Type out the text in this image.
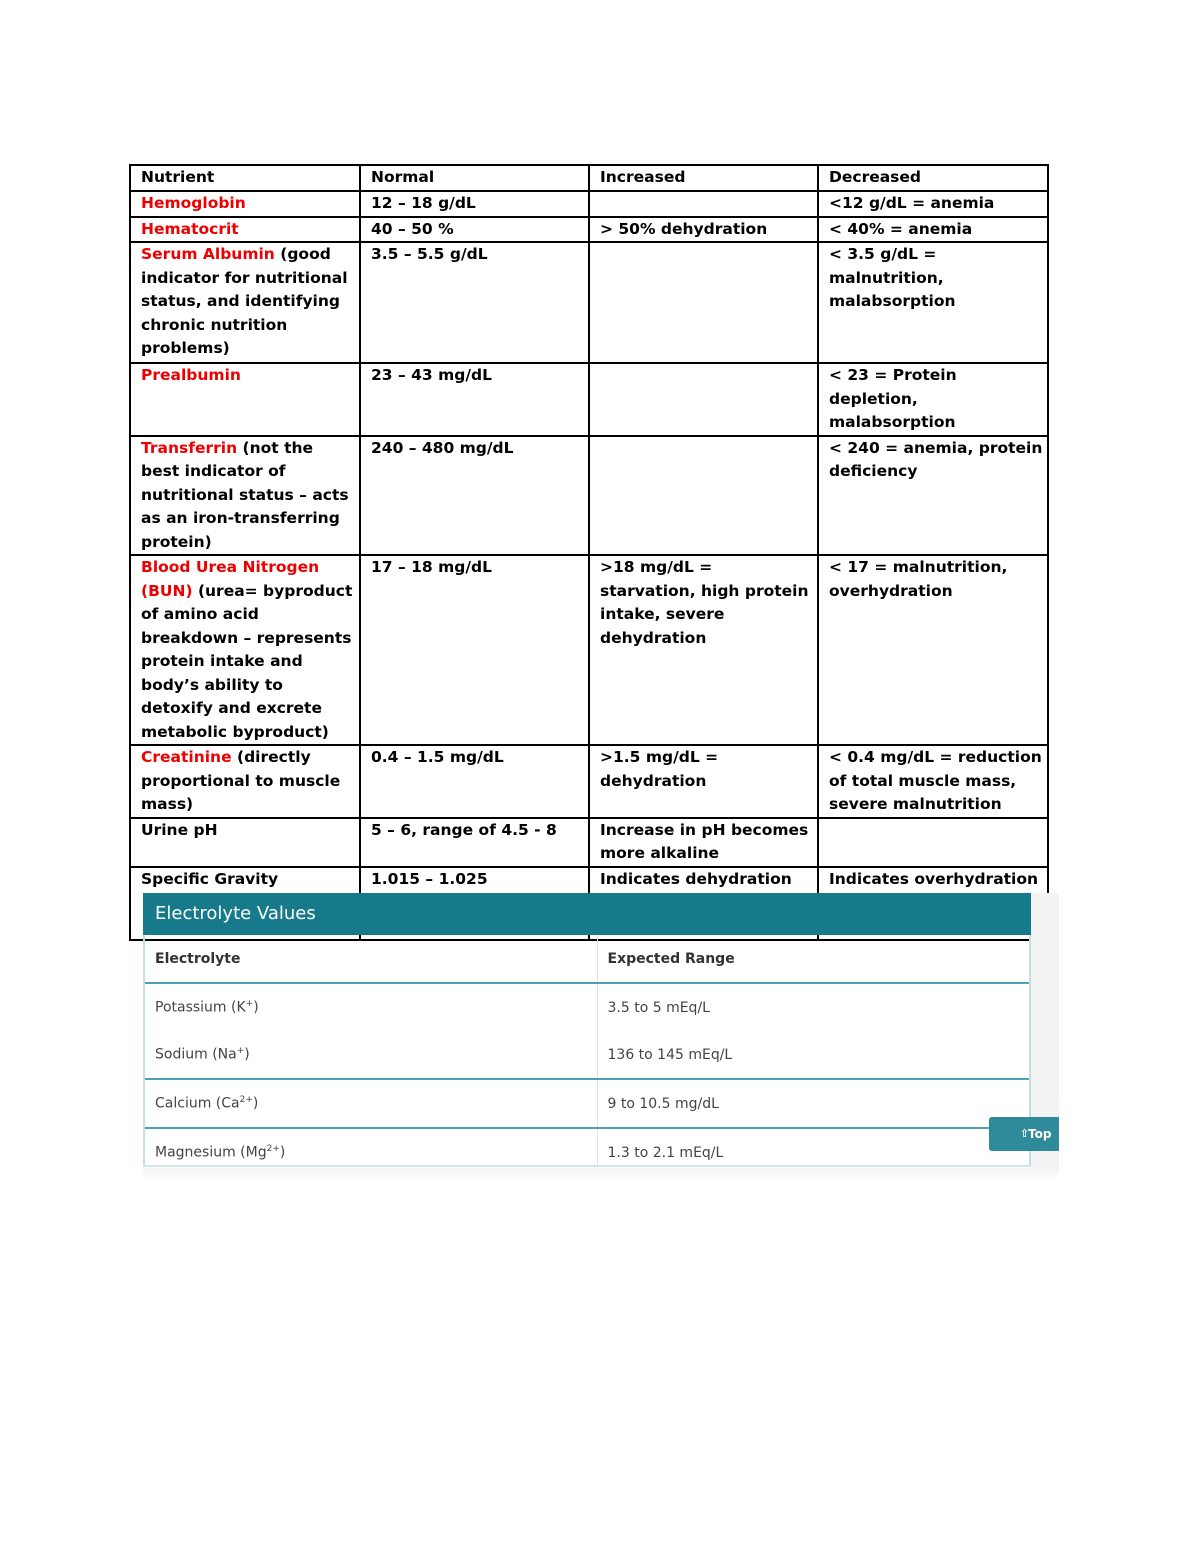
Nutrient	Normal	Increased	Decreased
Hemoglobin	12 – 18 g/dL		<12 g/dL = anemia
Hematocrit	40 – 50 %	> 50% dehydration	< 40% = anemia
Serum Albumin (good indicator for nutritional status, and identifying chronic nutrition problems)	3.5 – 5.5 g/dL		< 3.5 g/dL = malnutrition, malabsorption
Prealbumin	23 – 43 mg/dL		< 23 = Protein depletion, malabsorption
Transferrin (not the best indicator of nutritional status – acts as an iron-transferring protein)	240 – 480 mg/dL		< 240 = anemia, protein deficiency
Blood Urea Nitrogen (BUN) (urea= byproduct of amino acid breakdown – represents protein intake and body’s ability to detoxify and excrete metabolic byproduct)	17 – 18 mg/dL	>18 mg/dL = starvation, high protein intake, severe dehydration	< 17 = malnutrition, overhydration
Creatinine (directly proportional to muscle mass)	0.4 – 1.5 mg/dL	>1.5 mg/dL = dehydration	< 0.4 mg/dL = reduction of total muscle mass, severe malnutrition
Urine pH	5 – 6, range of 4.5 - 8	Increase in pH becomes more alkaline	
Specific Gravity	1.015 – 1.025	Indicates dehydration	Indicates overhydration
Electrolyte Values
Electrolyte	Expected Range
Potassium (K+)	3.5 to 5 mEq/L
Sodium (Na+)	136 to 145 mEq/L
Calcium $(Ca^{2+})$	9 to 10.5 mg/dL
Magnesium $(Mg^{2+})$	1.3 to 2.1 mEq/L
⇧
Top
